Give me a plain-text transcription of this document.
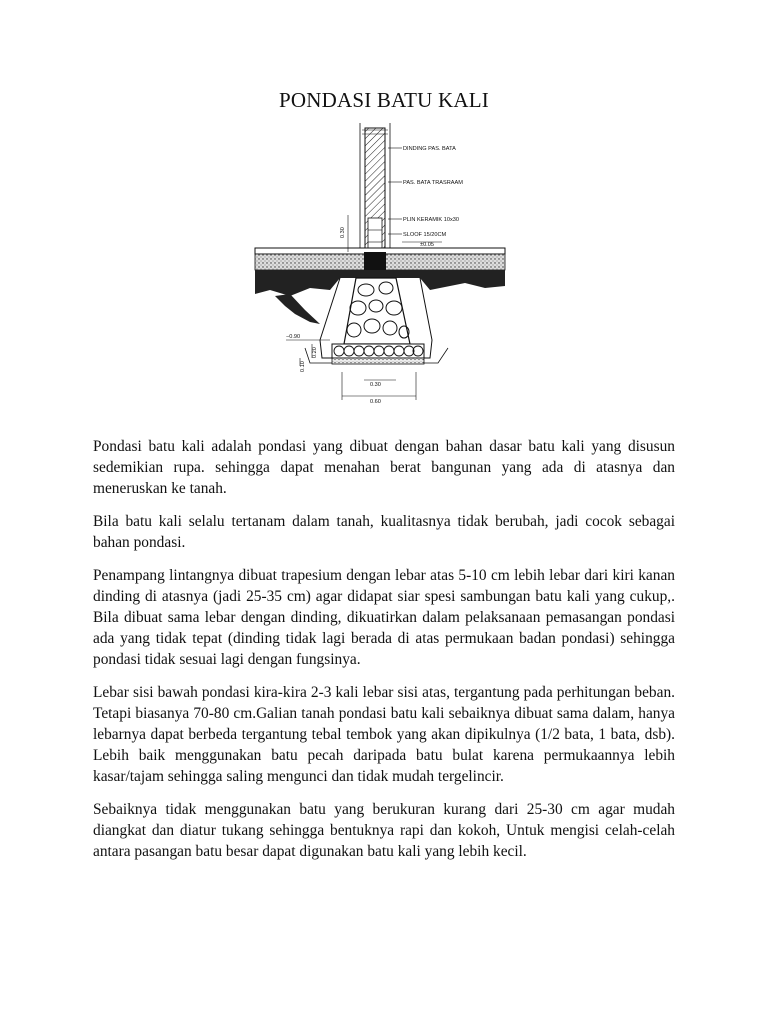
PONDASI BATU KALI
DINDING PAS. BATA
PAS. BATA TRASRAAM
PLIN KERAMIK 10x30
SLOOF 15/20CM
±0.05
0.30
−0.90
0.20
0.10
0.30
0.60

Pondasi batu kali adalah pondasi yang dibuat dengan bahan dasar batu kali yang disusun sedemikian rupa. sehingga dapat menahan berat bangunan yang ada di atasnya dan meneruskan ke tanah.

Bila batu kali selalu tertanam dalam tanah, kualitasnya tidak berubah, jadi cocok sebagai bahan pondasi.

Penampang lintangnya dibuat trapesium dengan lebar atas 5-10 cm lebih lebar dari kiri kanan dinding di atasnya (jadi 25-35 cm) agar didapat siar spesi sambungan batu kali yang cukup,. Bila dibuat sama lebar dengan dinding, dikuatirkan dalam pelaksanaan pemasangan pondasi ada yang tidak tepat (dinding tidak lagi berada di atas permukaan badan pondasi) sehingga pondasi tidak sesuai lagi dengan fungsinya.

Lebar sisi bawah pondasi kira-kira 2-3 kali lebar sisi atas, tergantung pada perhitungan beban. Tetapi biasanya 70-80 cm.Galian tanah pondasi batu kali sebaiknya dibuat sama dalam, hanya lebarnya dapat berbeda tergantung tebal tembok yang akan dipikulnya (1/2 bata, 1 bata, dsb). Lebih baik menggunakan batu pecah daripada batu bulat karena permukaannya lebih kasar/tajam sehingga saling mengunci dan tidak mudah tergelincir.

Sebaiknya tidak menggunakan batu yang berukuran kurang dari 25-30 cm agar mudah diangkat dan diatur tukang sehingga bentuknya rapi dan kokoh, Untuk mengisi celah-celah antara pasangan batu besar dapat digunakan batu kali yang lebih kecil.
